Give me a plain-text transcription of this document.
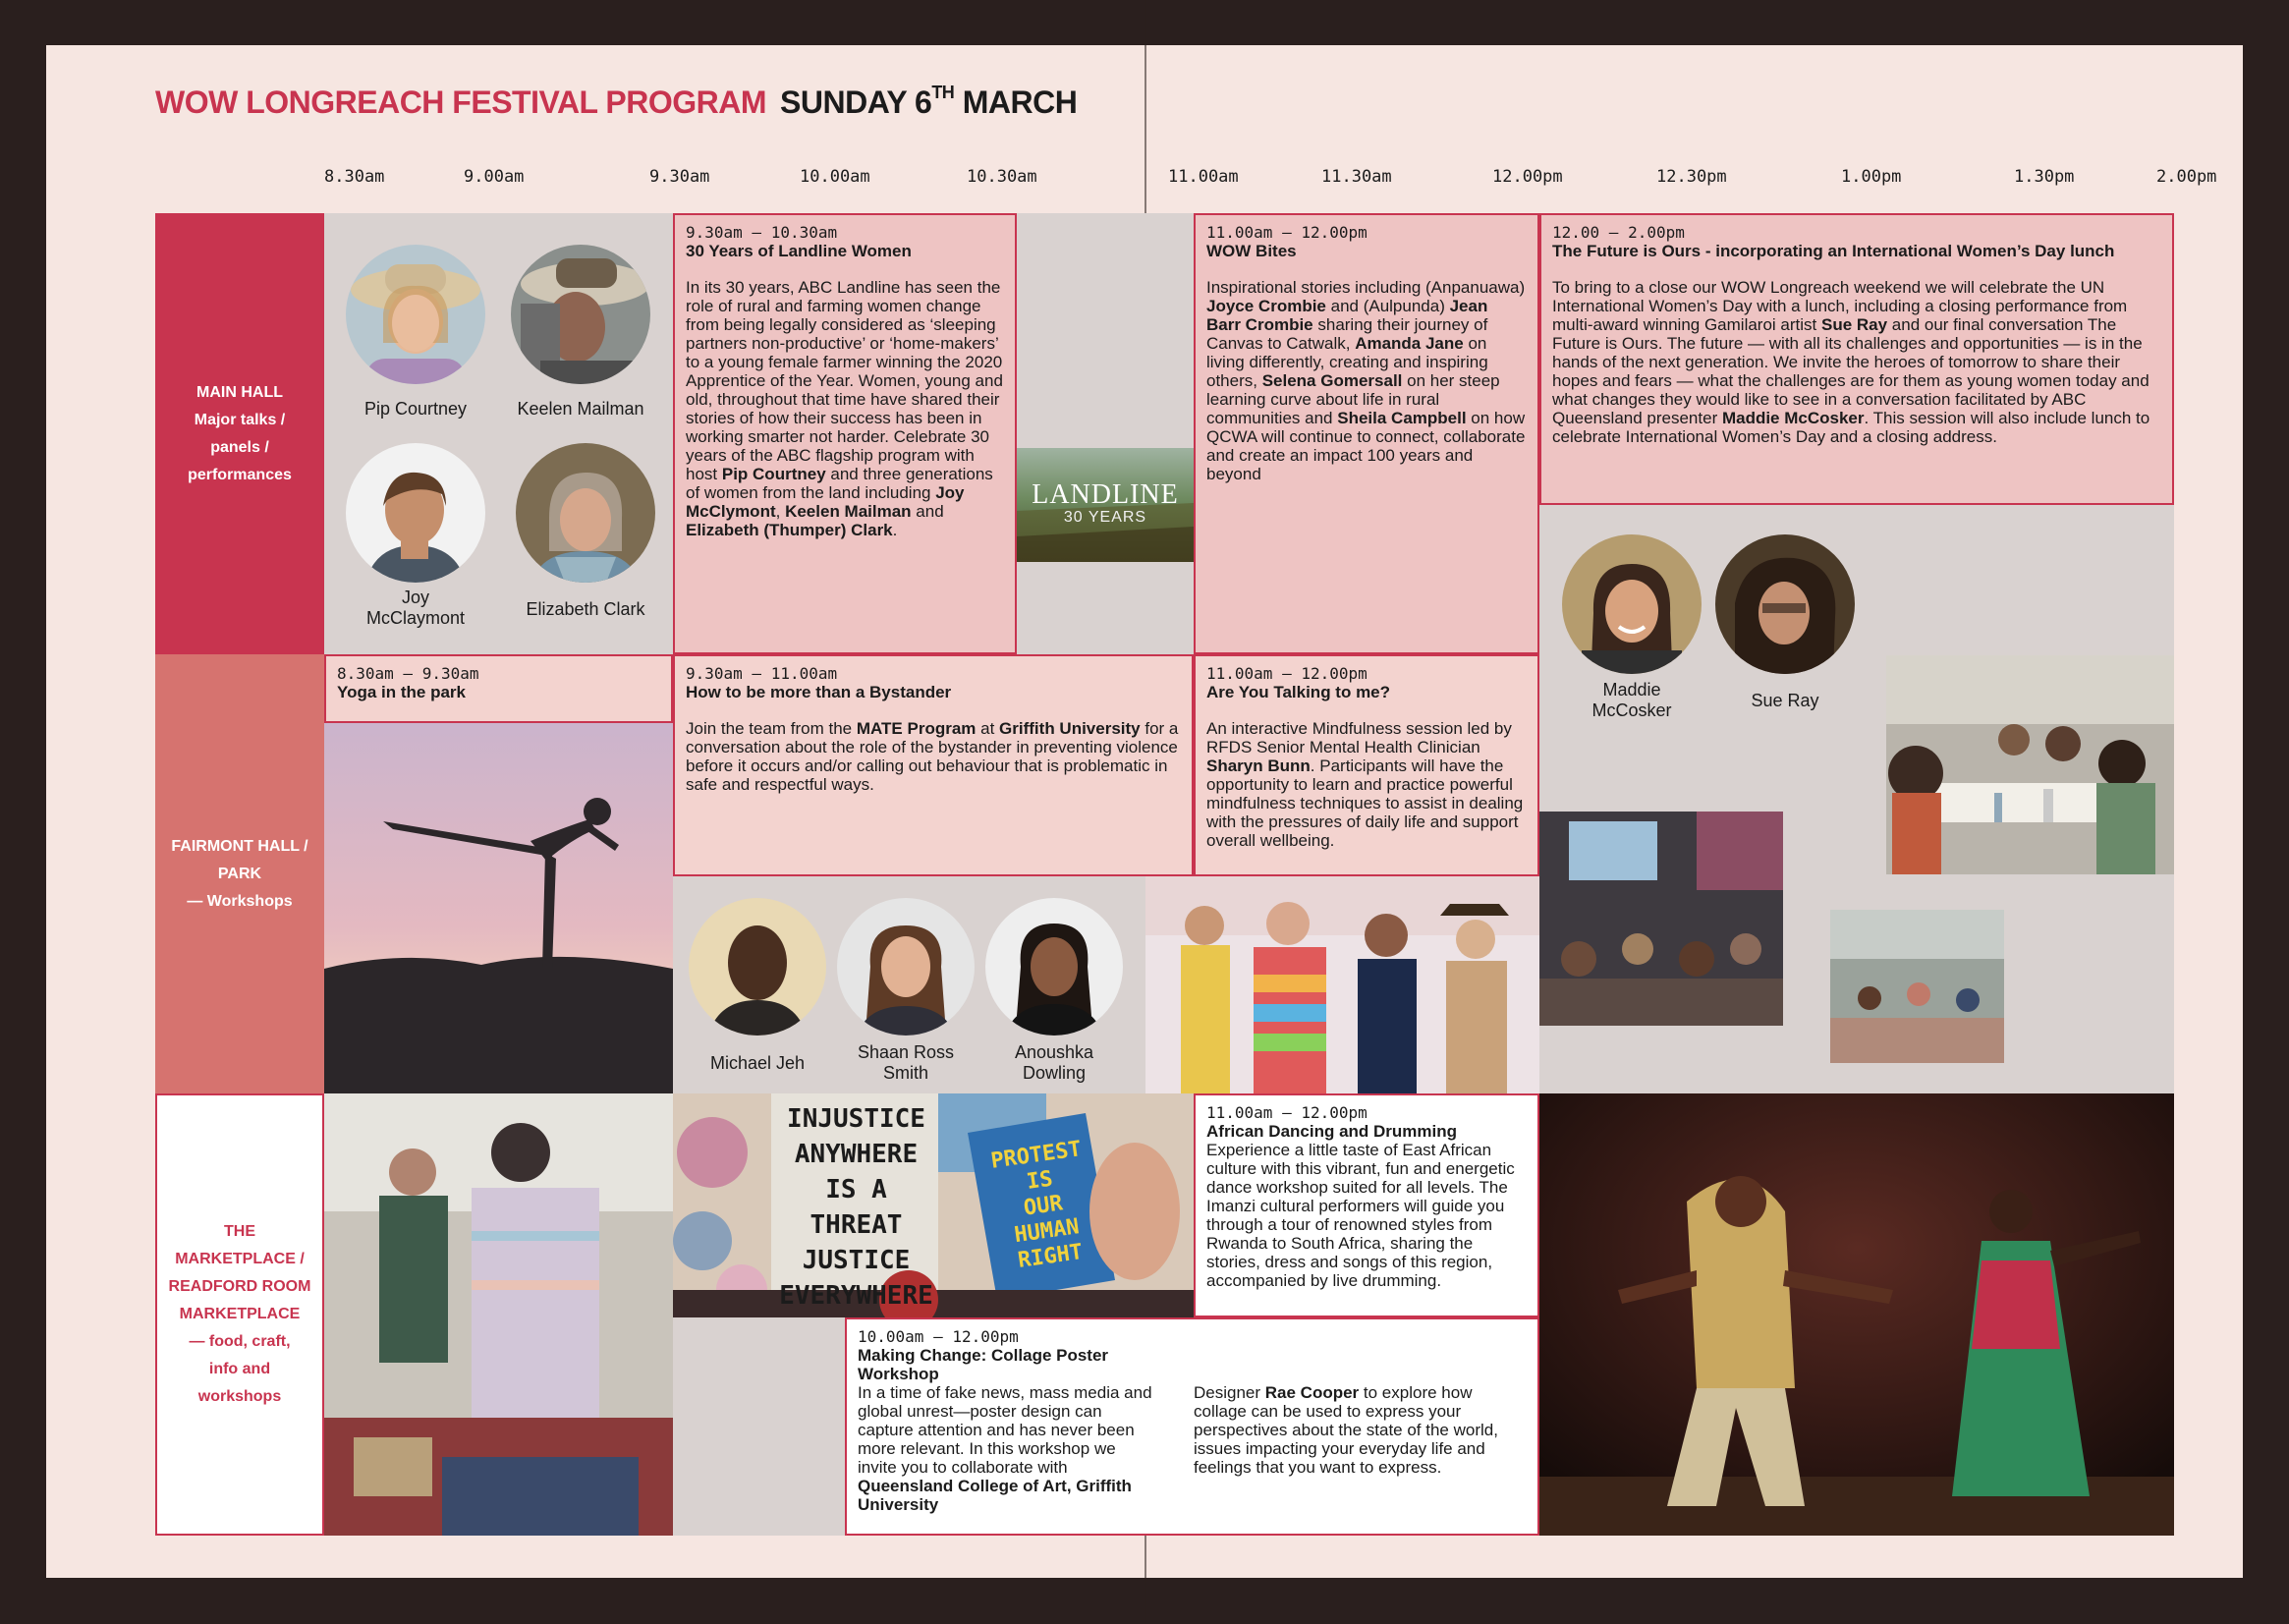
WOW LONGREACH FESTIVAL PROGRAM SUNDAY 6TH MARCH
8.30am	9.00am	9.30am	10.00am	10.30am	11.00am	11.30am	12.00pm	12.30pm	1.00pm	1.30pm	2.00pm
MAIN HALL
Major talks /
panels /
performances
FAIRMONT HALL /
PARK
— Workshops
THE
MARKETPLACE /
READFORD ROOM
MARKETPLACE
— food, craft,
info and
workshops
Pip Courtney	Keelen Mailman
Joy
McClaymont	Elizabeth Clark
9.30am — 10.30am
30 Years of Landline Women

In its 30 years, ABC Landline has seen the role of rural and farming women change from being legally considered as ‘sleeping partners non-productive’ or ‘home-makers’ to a young female farmer winning the 2020 Apprentice of the Year. Women, young and old, throughout that time have shared their stories of how their success has been in working smarter not harder. Celebrate 30 years of the ABC flagship program with host Pip Courtney and three generations of women from the land including Joy McClymont, Keelen Mailman and Elizabeth (Thumper) Clark.

LANDLINE
30 YEARS
11.00am — 12.00pm
WOW Bites

Inspirational stories including (Anpanuawa) Joyce Crombie and (Aulpunda) Jean Barr Crombie sharing their journey of Canvas to Catwalk, Amanda Jane on living differently, creating and inspiring others, Selena Gomersall on her steep learning curve about life in rural communities and Sheila Campbell on how QCWA will continue to connect, collaborate and create an impact 100 years and beyond

12.00 — 2.00pm
The Future is Ours - incorporating an International Women’s Day lunch

To bring to a close our WOW Longreach weekend we will celebrate the UN International Women’s Day with a lunch, including a closing performance from multi-award winning Gamilaroi artist Sue Ray and our final conversation The Future is Ours. The future — with all its challenges and opportunities — is in the hands of the next generation. We invite the heroes of tomorrow to share their hopes and fears — what the challenges are for them as young women today and what changes they would like to see in a conversation facilitated by ABC Queensland presenter Maddie McCosker. This session will also include lunch to celebrate International Women’s Day and a closing address.

Maddie
McCosker	Sue Ray
8.30am — 9.30am
Yoga in the park
9.30am — 11.00am
How to be more than a Bystander

Join the team from the MATE Program at Griffith University for a conversation about the role of the bystander in preventing violence before it occurs and/or calling out behaviour that is problematic in safe and respectful ways.

Michael Jeh
Shaan Ross
Smith
Anoushka
Dowling
11.00am — 12.00pm
Are You Talking to me?

An interactive Mindfulness session led by RFDS Senior Mental Health Clinician Sharyn Bunn. Participants will have the opportunity to learn and practice powerful mindfulness techniques to assist in dealing with the pressures of daily life and support overall wellbeing.

INJUSTICE
ANYWHERE
IS A THREAT
JUSTICE
EVERYWHERE
PROTEST
IS
OUR
HUMAN
RIGHT
11.00am — 12.00pm
African Dancing and Drumming
Experience a little taste of East African culture with this vibrant, fun and energetic dance workshop suited for all levels. The Imanzi cultural performers will guide you through a tour of renowned styles from Rwanda to South Africa, sharing the stories, dress and songs of this region, accompanied by live drumming.
10.00am — 12.00pm
Making Change: Collage Poster Workshop
In a time of fake news, mass media and global unrest—poster design can capture attention and has never been more relevant. In this workshop we invite you to collaborate with Queensland College of Art, Griffith University
Designer Rae Cooper to explore how collage can be used to express your perspectives about the state of the world, issues impacting your everyday life and feelings that you want to express.
